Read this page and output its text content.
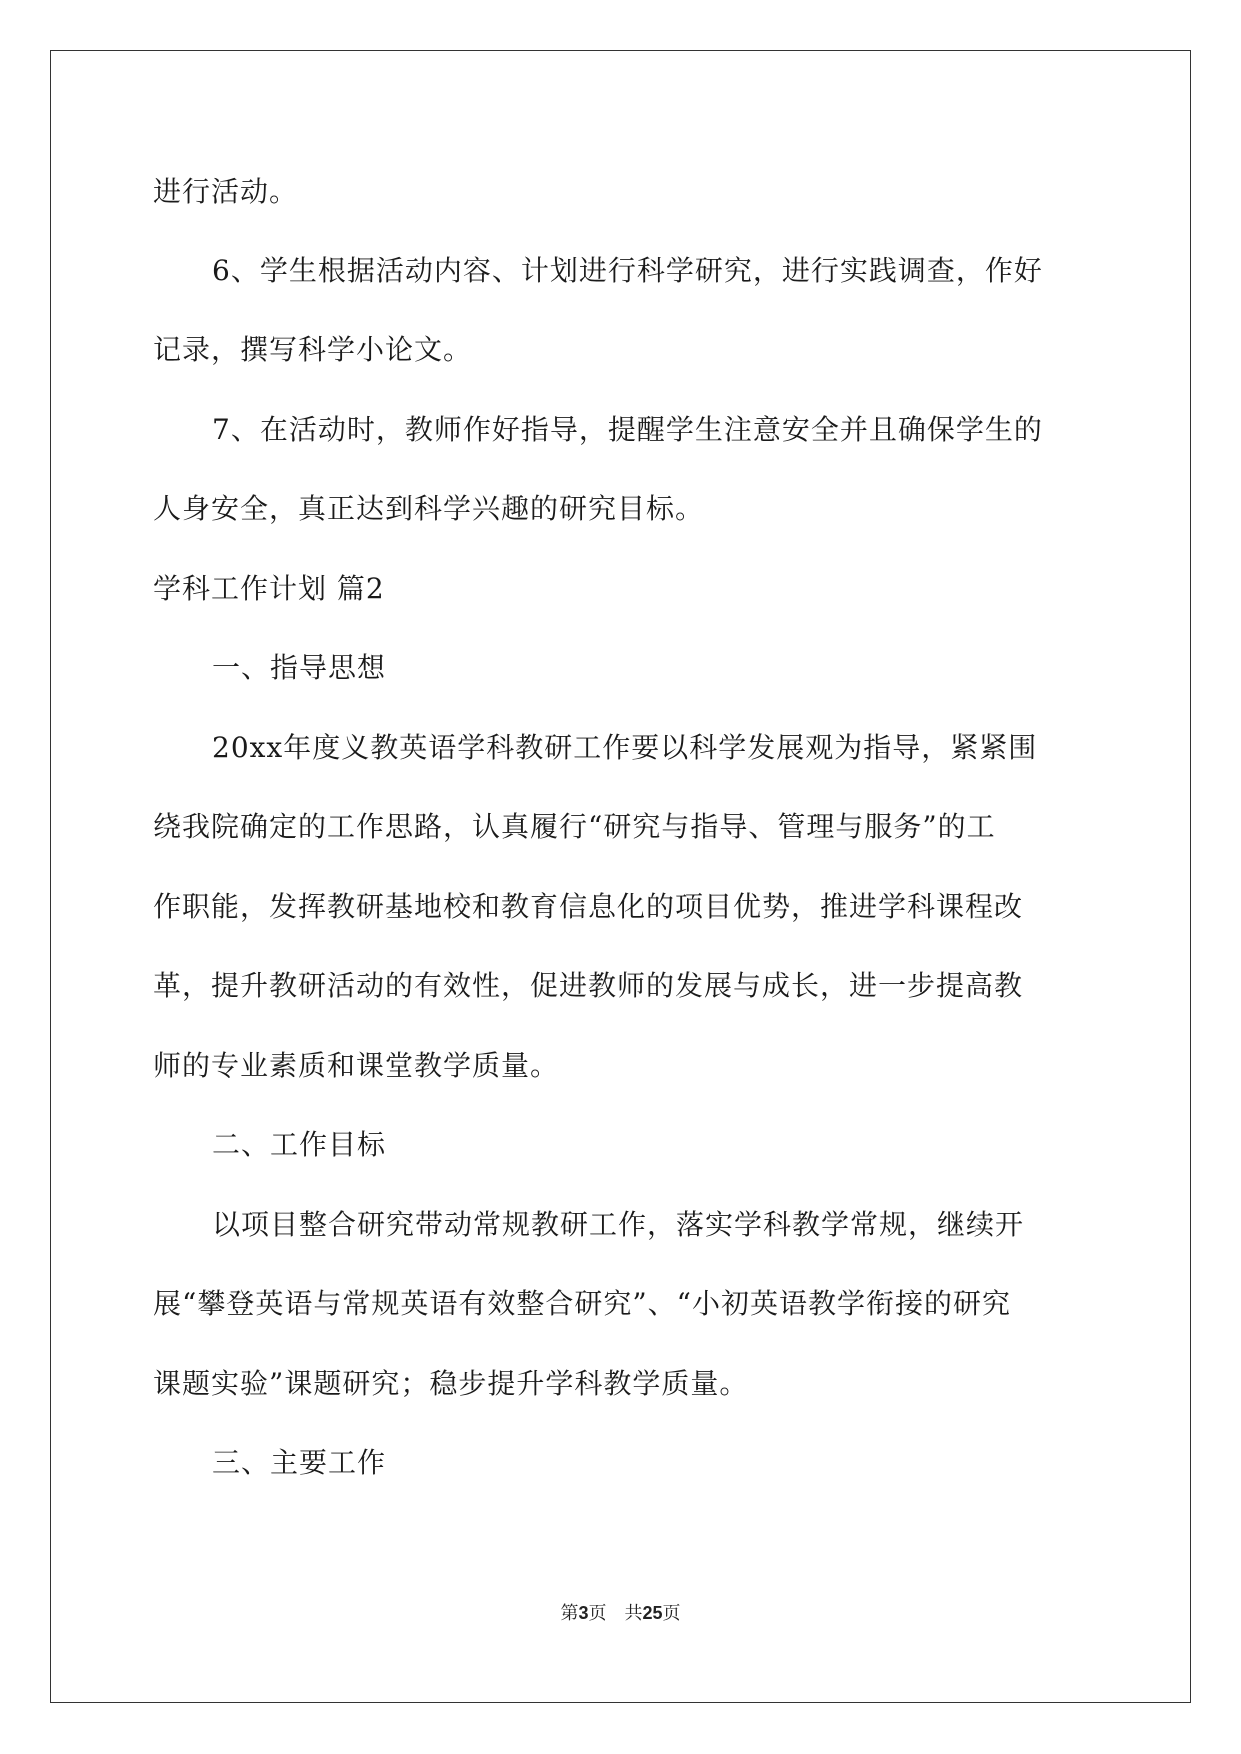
进行活动。
6、学生根据活动内容、计划进行科学研究，进行实践调查，作好
记录，撰写科学小论文。
7、在活动时，教师作好指导，提醒学生注意安全并且确保学生的
人身安全，真正达到科学兴趣的研究目标。
学科工作计划 篇2
一、指导思想
20xx年度义教英语学科教研工作要以科学发展观为指导，紧紧围
绕我院确定的工作思路，认真履行“研究与指导、管理与服务”的工
作职能，发挥教研基地校和教育信息化的项目优势，推进学科课程改
革，提升教研活动的有效性，促进教师的发展与成长，进一步提高教
师的专业素质和课堂教学质量。
二、工作目标
以项目整合研究带动常规教研工作，落实学科教学常规，继续开
展“攀登英语与常规英语有效整合研究”、“小初英语教学衔接的研究
课题实验”课题研究；稳步提升学科教学质量。
三、主要工作
第3页 共25页
